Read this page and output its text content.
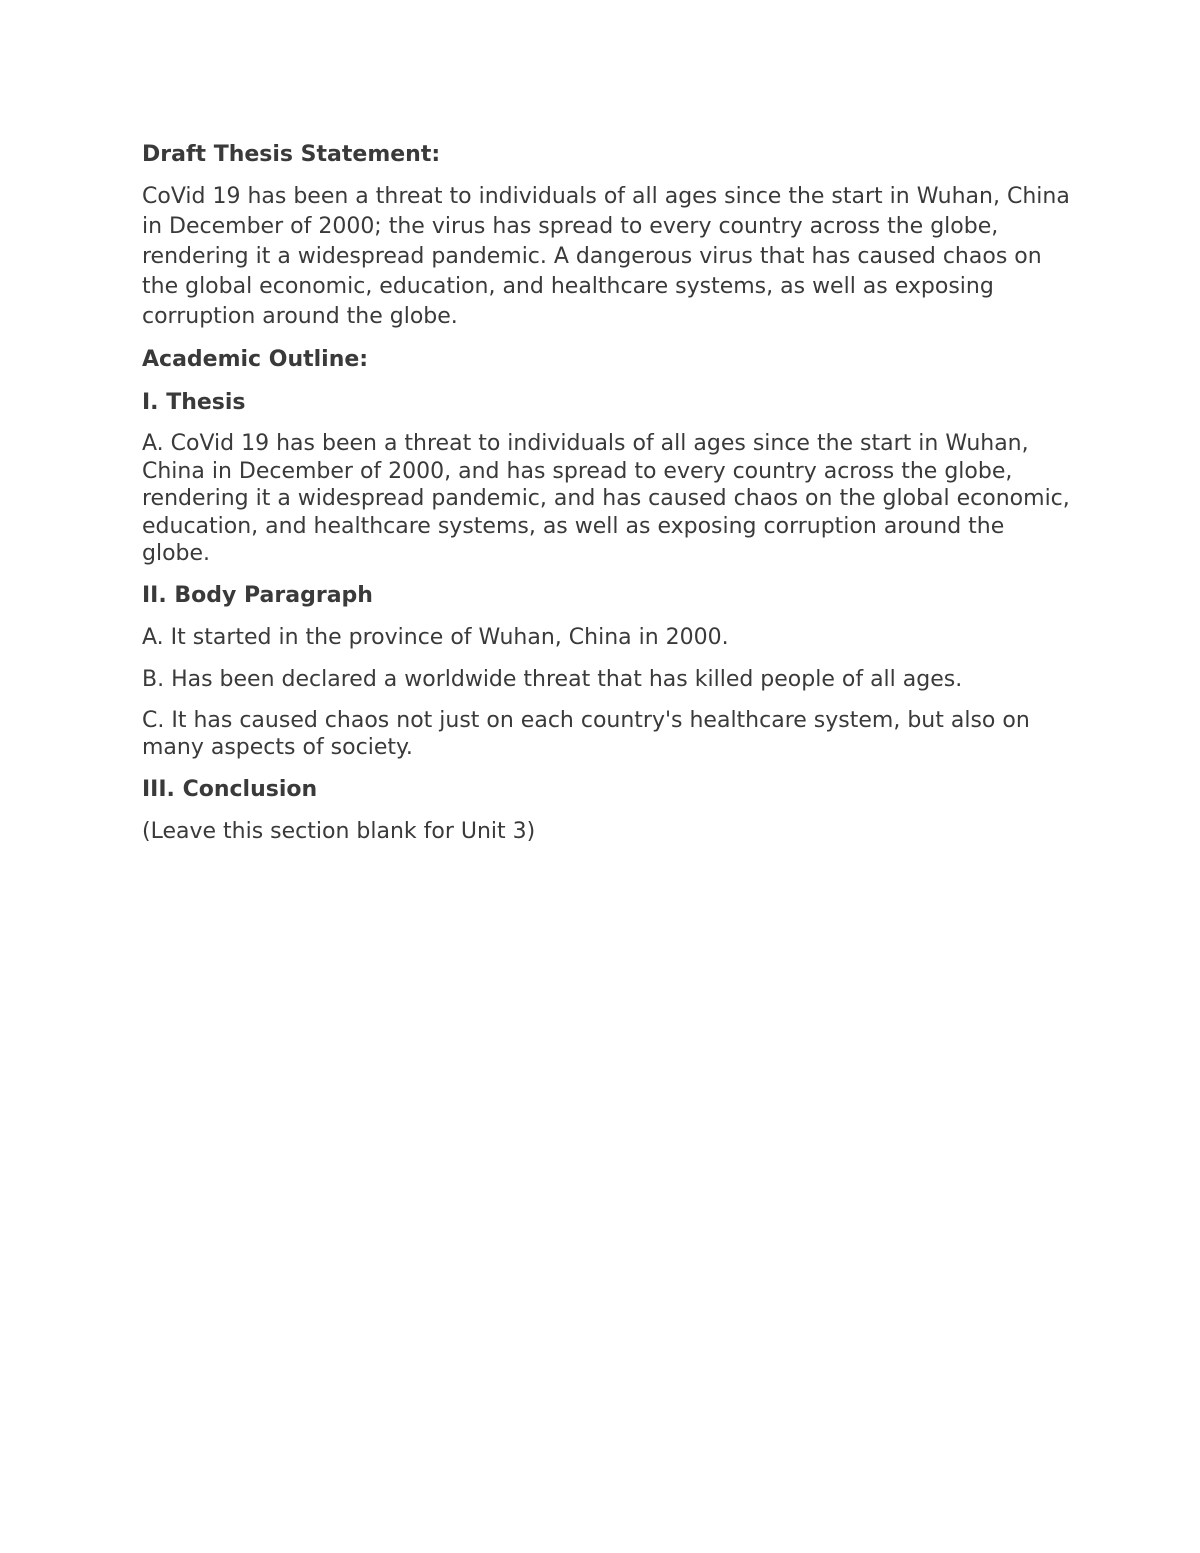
Draft Thesis Statement:

CoVid 19 has been a threat to individuals of all ages since the start in Wuhan, China in December of 2000; the virus has spread to every country across the globe, rendering it a widespread pandemic. A dangerous virus that has caused chaos on the global economic, education, and healthcare systems, as well as exposing corruption around the globe.

Academic Outline:

I. Thesis

A. CoVid 19 has been a threat to individuals of all ages since the start in Wuhan, China in December of 2000, and has spread to every country across the globe, rendering it a widespread pandemic, and has caused chaos on the global economic, education, and healthcare systems, as well as exposing corruption around the globe.

II. Body Paragraph

A. It started in the province of Wuhan, China in 2000.

B. Has been declared a worldwide threat that has killed people of all ages.

C. It has caused chaos not just on each country's healthcare system, but also on many aspects of society.

III. Conclusion

(Leave this section blank for Unit 3)
